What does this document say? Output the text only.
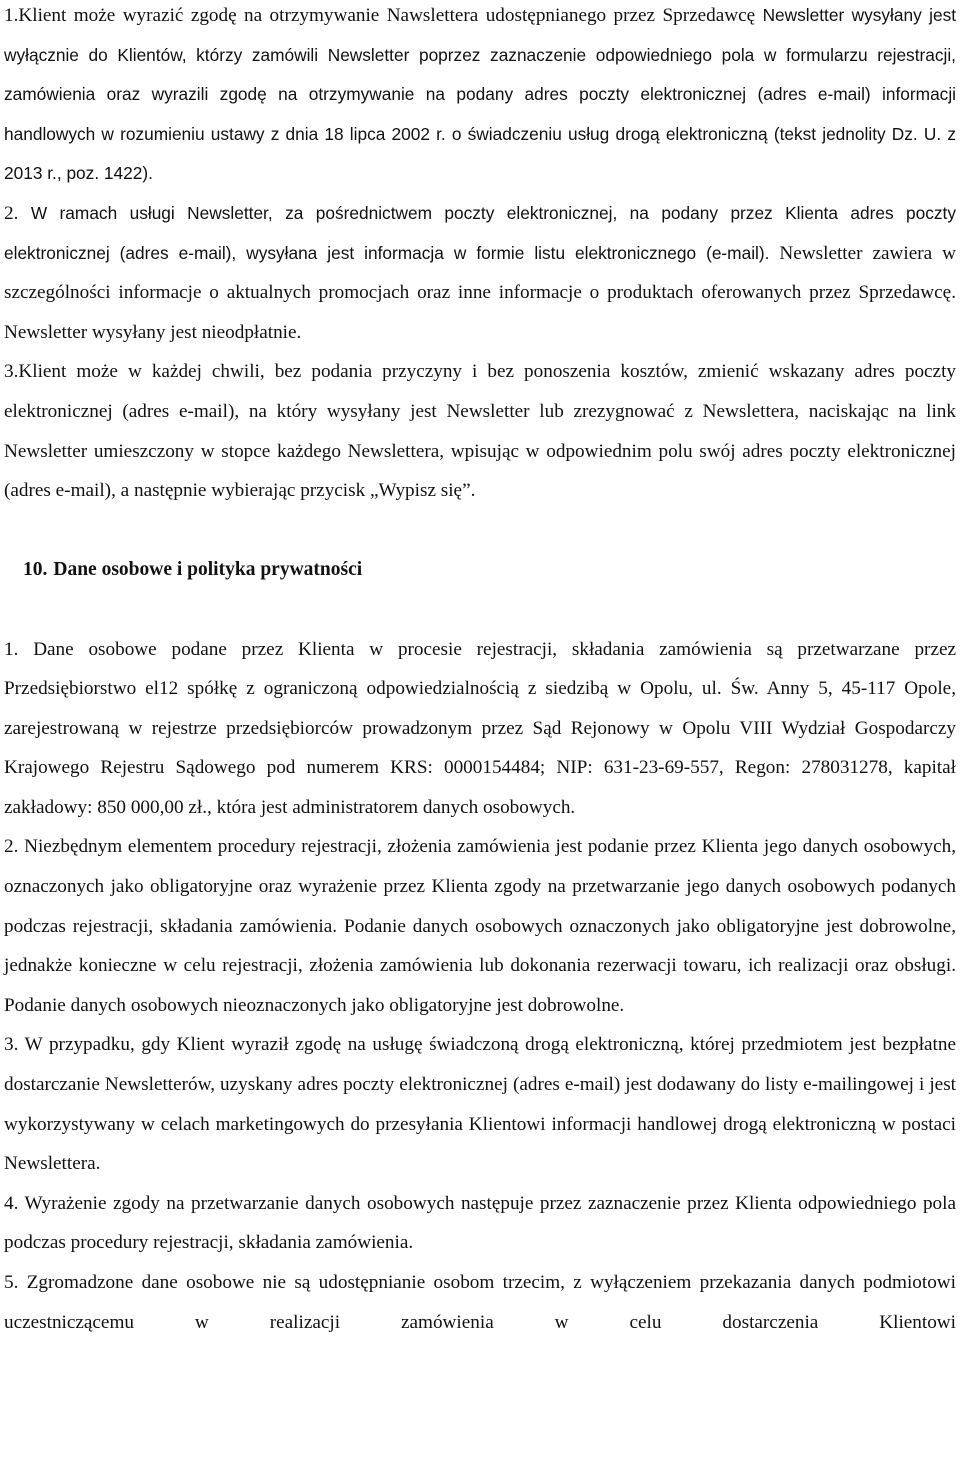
1.Klient może wyrazić zgodę na otrzymywanie Nawslettera udostępnianego przez Sprzedawcę Newsletter wysyłany jest wyłącznie do Klientów, którzy zamówili Newsletter poprzez zaznaczenie odpowiedniego pola w formularzu rejestracji, zamówienia oraz wyrazili zgodę na otrzymywanie na podany adres poczty elektronicznej (adres e-mail) informacji handlowych w rozumieniu ustawy z dnia 18 lipca 2002 r. o świadczeniu usług drogą elektroniczną (tekst jednolity Dz. U. z 2013 r., poz. 1422).

2. W ramach usługi Newsletter, za pośrednictwem poczty elektronicznej, na podany przez Klienta adres poczty elektronicznej (adres e-mail), wysyłana jest informacja w formie listu elektronicznego (e-mail). Newsletter zawiera w szczególności informacje o aktualnych promocjach oraz inne informacje o produktach oferowanych przez Sprzedawcę. Newsletter wysyłany jest nieodpłatnie.

3.Klient może w każdej chwili, bez podania przyczyny i bez ponoszenia kosztów, zmienić wskazany adres poczty elektronicznej (adres e-mail), na który wysyłany jest Newsletter lub zrezygnować z Newslettera, naciskając na link Newsletter umieszczony w stopce każdego Newslettera, wpisując w odpowiednim polu swój adres poczty elektronicznej (adres e-mail), a następnie wybierając przycisk „Wypisz się”.

10. Dane osobowe i polityka prywatności

1. Dane osobowe podane przez Klienta w procesie rejestracji, składania zamówienia są przetwarzane przez Przedsiębiorstwo el12 spółkę z ograniczoną odpowiedzialnością z siedzibą w Opolu, ul. Św. Anny 5, 45-117 Opole, zarejestrowaną w rejestrze przedsiębiorców prowadzonym przez Sąd Rejonowy w Opolu VIII Wydział Gospodarczy Krajowego Rejestru Sądowego pod numerem KRS: 0000154484; NIP: 631-23-69-557, Regon: 278031278, kapitał zakładowy: 850 000,00 zł., która jest administratorem danych osobowych.

2. Niezbędnym elementem procedury rejestracji, złożenia zamówienia jest podanie przez Klienta jego danych osobowych, oznaczonych jako obligatoryjne oraz wyrażenie przez Klienta zgody na przetwarzanie jego danych osobowych podanych podczas rejestracji, składania zamówienia. Podanie danych osobowych oznaczonych jako obligatoryjne jest dobrowolne, jednakże konieczne w celu rejestracji, złożenia zamówienia lub dokonania rezerwacji towaru, ich realizacji oraz obsługi. Podanie danych osobowych nieoznaczonych jako obligatoryjne jest dobrowolne.

3. W przypadku, gdy Klient wyraził zgodę na usługę świadczoną drogą elektroniczną, której przedmiotem jest bezpłatne dostarczanie Newsletterów, uzyskany adres poczty elektronicznej (adres e-mail) jest dodawany do listy e-mailingowej i jest wykorzystywany w celach marketingowych do przesyłania Klientowi informacji handlowej drogą elektroniczną w postaci Newslettera.

4. Wyrażenie zgody na przetwarzanie danych osobowych następuje przez zaznaczenie przez Klienta odpowiedniego pola podczas procedury rejestracji, składania zamówienia.

5. Zgromadzone dane osobowe nie są udostępnianie osobom trzecim, z wyłączeniem przekazania danych podmiotowi uczestniczącemu w realizacji zamówienia w celu dostarczenia Klientowi
